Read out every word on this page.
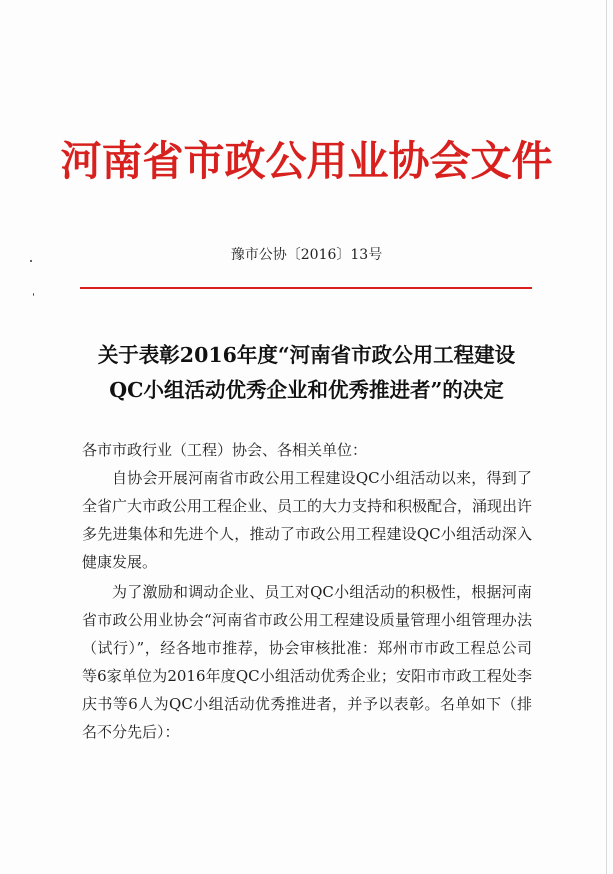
河南省市政公用业协会文件
豫市公协〔2016〕13号
关于表彰2016年度“河南省市政公用工程建设
QC小组活动优秀企业和优秀推进者”的决定

各市市政行业（工程）协会、各相关单位：

自协会开展河南省市政公用工程建设QC小组活动以来，得到了全省广大市政公用工程企业、员工的大力支持和积极配合，涌现出许多先进集体和先进个人，推动了市政公用工程建设QC小组活动深入健康发展。

为了激励和调动企业、员工对QC小组活动的积极性，根据河南省市政公用业协会“河南省市政公用工程建设质量管理小组管理办法（试行）”，经各地市推荐，协会审核批准：郑州市市政工程总公司等6家单位为2016年度QC小组活动优秀企业；安阳市市政工程处李庆书等6人为QC小组活动优秀推进者，并予以表彰。名单如下（排名不分先后）：
